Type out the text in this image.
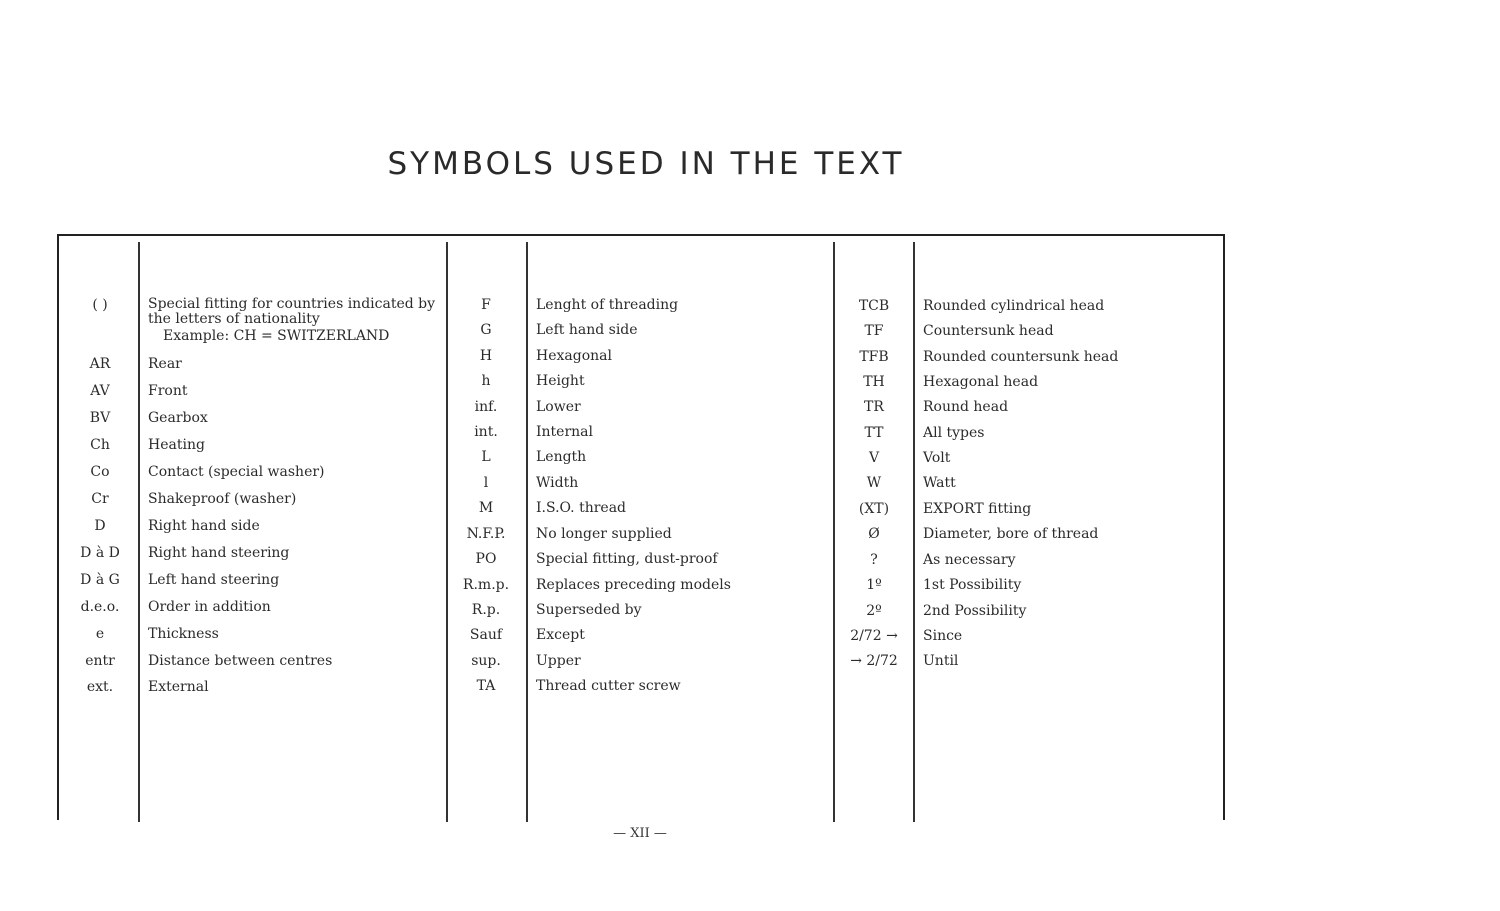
SYMBOLS USED IN THE TEXT
( )	Special fitting for countries indicated by the letters of nationality
Example: CH = SWITZERLAND
AR	Rear
AV	Front
BV	Gearbox
Ch	Heating
Co	Contact (special washer)
Cr	Shakeproof (washer)
D	Right hand side
D à D	Right hand steering
D à G	Left hand steering
d.e.o.	Order in addition
e	Thickness
entr	Distance between centres
ext.	External
F	Lenght of threading
G	Left hand side
H	Hexagonal
h	Height
inf.	Lower
int.	Internal
L	Length
l	Width
M	I.S.O. thread
N.F.P.	No longer supplied
PO	Special fitting, dust-proof
R.m.p.	Replaces preceding models
R.p.	Superseded by
Sauf	Except
sup.	Upper
TA	Thread cutter screw
TCB	Rounded cylindrical head
TF	Countersunk head
TFB	Rounded countersunk head
TH	Hexagonal head
TR	Round head
TT	All types
V	Volt
W	Watt
(XT)	EXPORT fitting
Ø	Diameter, bore of thread
?	As necessary
1º	1st Possibility
2º	2nd Possibility
2/72 →	Since
→ 2/72	Until
— XII —
